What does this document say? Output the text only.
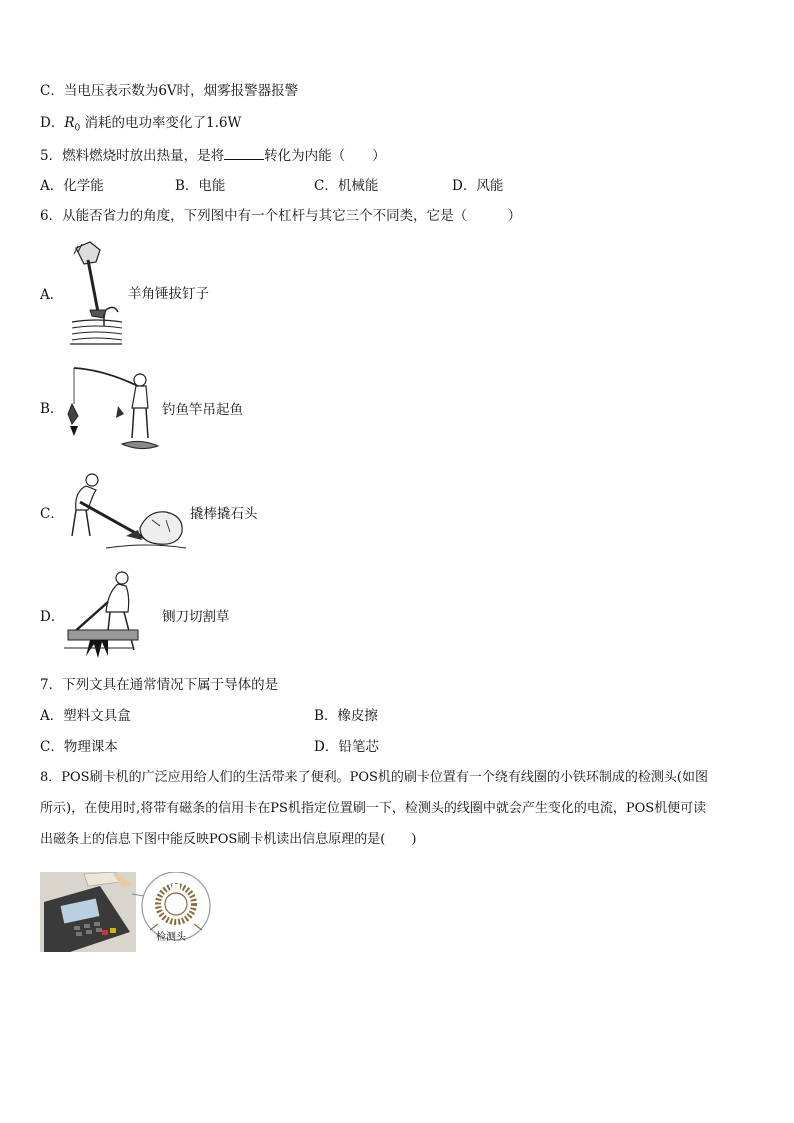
C．当电压表示数为6V时，烟雾报警器报警
D．$R_0$ 消耗的电功率变化了1.6W
5．燃料燃烧时放出热量，是将	转化为内能（　　）
A．化学能	B．电能	C．机械能	D．风能
6．从能否省力的角度，下列图中有一个杠杆与其它三个不同类，它是（　　　）
A．	羊角锤拔钉子
B．	钓鱼竿吊起鱼
C．	撬棒撬石头
D．	铡刀切割草
7．下列文具在通常情况下属于导体的是
A．塑料文具盒	B．橡皮擦
C．物理课本	D．铅笔芯
8．POS刷卡机的广泛应用给人们的生活带来了便利。POS机的刷卡位置有一个绕有线圈的小铁环制成的检测头(如图
所示)，在使用时,将带有磁条的信用卡在PS机指定位置刷一下，检测头的线圈中就会产生变化的电流，POS机便可读
出磁条上的信息下图中能反映POS刷卡机读出信息原理的是(　　)
检测头
